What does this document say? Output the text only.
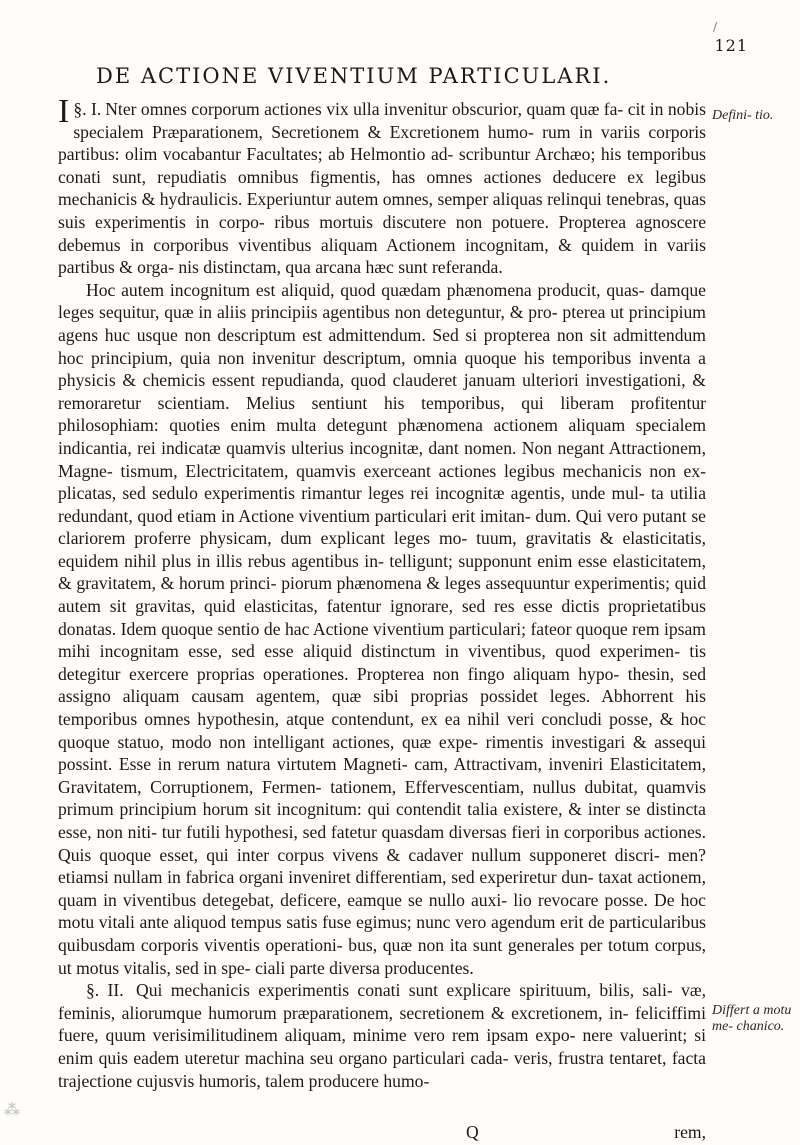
/
121
DE ACTIONE VIVENTIUM PARTICULARI.

§. I.
I Nter omnes corporum actiones vix ulla invenitur obscurior, quam quæ fa- cit in nobis specialem Præparationem, Secretionem & Excretionem humo- rum in variis corporis partibus: olim vocabantur Facultates; ab Helmontio ad- scribuntur Archæo; his temporibus conati sunt, repudiatis omnibus figmentis, has omnes actiones deducere ex legibus mechanicis & hydraulicis. Experiuntur autem omnes, semper aliquas relinqui tenebras, quas suis experimentis in corpo- ribus mortuis discutere non potuere. Propterea agnoscere debemus in corporibus viventibus aliquam Actionem incognitam, & quidem in variis partibus & orga- nis distinctam, qua arcana hæc sunt referanda.

Hoc autem incognitum est aliquid, quod quædam phænomena producit, quas- damque leges sequitur, quæ in aliis principiis agentibus non deteguntur, & pro- pterea ut principium agens huc usque non descriptum est admittendum. Sed si propterea non sit admittendum hoc principium, quia non invenitur descriptum, omnia quoque his temporibus inventa a physicis & chemicis essent repudianda, quod clauderet januam ulteriori investigationi, & remoraretur scientiam. Melius sentiunt his temporibus, qui liberam profitentur philosophiam: quoties enim multa detegunt phænomena actionem aliquam specialem indicantia, rei indicatæ quamvis ulterius incognitæ, dant nomen. Non negant Attractionem, Magne- tismum, Electricitatem, quamvis exerceant actiones legibus mechanicis non ex- plicatas, sed sedulo experimentis rimantur leges rei incognitæ agentis, unde mul- ta utilia redundant, quod etiam in Actione viventium particulari erit imitan- dum. Qui vero putant se clariorem proferre physicam, dum explicant leges mo- tuum, gravitatis & elasticitatis, equidem nihil plus in illis rebus agentibus in- telligunt; supponunt enim esse elasticitatem, & gravitatem, & horum princi- piorum phænomena & leges assequuntur experimentis; quid autem sit gravitas, quid elasticitas, fatentur ignorare, sed res esse dictis proprietatibus donatas. Idem quoque sentio de hac Actione viventium particulari; fateor quoque rem ipsam mihi incognitam esse, sed esse aliquid distinctum in viventibus, quod experimen- tis detegitur exercere proprias operationes. Propterea non fingo aliquam hypo- thesin, sed assigno aliquam causam agentem, quæ sibi proprias possidet leges. Abhorrent his temporibus omnes hypothesin, atque contendunt, ex ea nihil veri concludi posse, & hoc quoque statuo, modo non intelligant actiones, quæ expe- rimentis investigari & assequi possint. Esse in rerum natura virtutem Magneti- cam, Attractivam, inveniri Elasticitatem, Gravitatem, Corruptionem, Fermen- tationem, Effervescentiam, nullus dubitat, quamvis primum principium horum sit incognitum: qui contendit talia existere, & inter se distincta esse, non niti- tur futili hypothesi, sed fatetur quasdam diversas fieri in corporibus actiones. Quis quoque esset, qui inter corpus vivens & cadaver nullum supponeret discri- men? etiamsi nullam in fabrica organi inveniret differentiam, sed experiretur dun- taxat actionem, quam in viventibus detegebat, deficere, eamque se nullo auxi- lio revocare posse. De hoc motu vitali ante aliquod tempus satis fuse egimus; nunc vero agendum erit de particularibus quibusdam corporis viventis operationi- bus, quæ non ita sunt generales per totum corpus, ut motus vitalis, sed in spe- ciali parte diversa producentes.

§. II. Qui mechanicis experimentis conati sunt explicare spirituum, bilis, sali- væ, feminis, aliorumque humorum præparationem, secretionem & excretionem, in- feliciffimi fuere, quum verisimilitudinem aliquam, minime vero rem ipsam expo- nere valuerint; si enim quis eadem uteretur machina seu organo particulari cada- veris, frustra tentaret, facta trajectione cujusvis humoris, talem producere humo-

Defini- tio.
Differt a motu me- chanico.
Q	rem,
⁂
